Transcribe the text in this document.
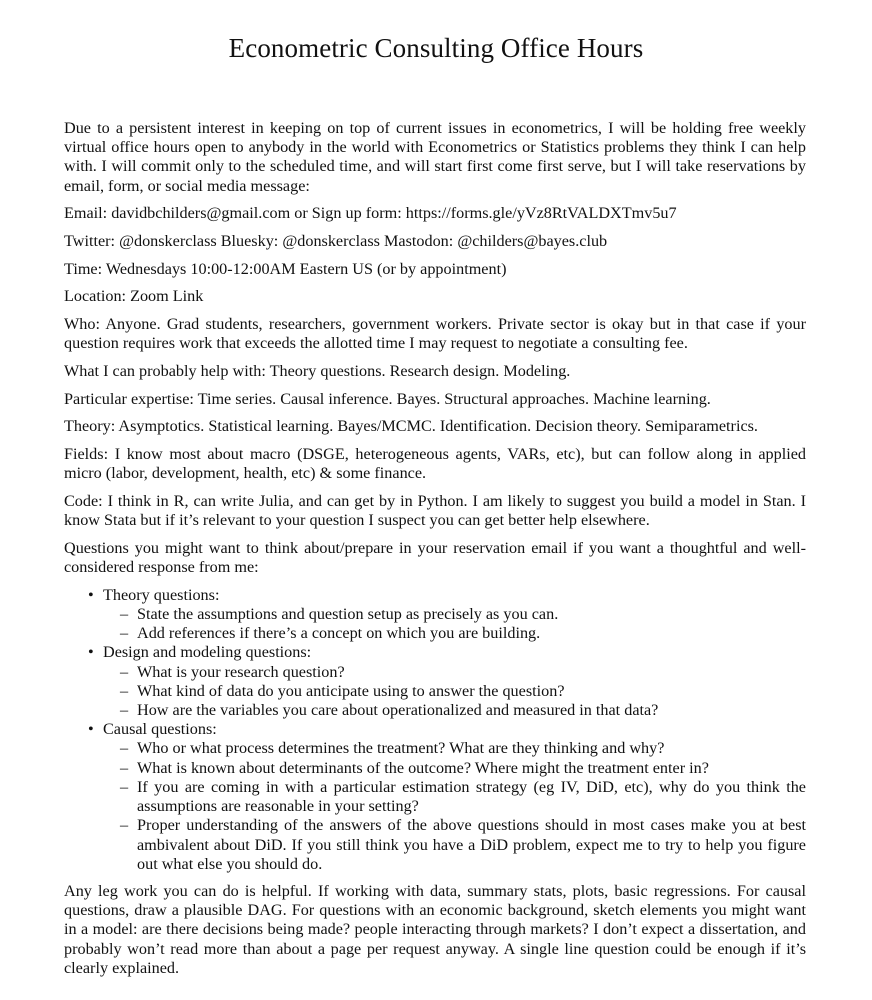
Econometric Consulting Office Hours

Due to a persistent interest in keeping on top of current issues in econometrics, I will be holding free weekly virtual office hours open to anybody in the world with Econometrics or Statistics problems they think I can help with. I will commit only to the scheduled time, and will start first come first serve, but I will take reservations by email, form, or social media message:

Email: davidbchilders@gmail.com or Sign up form: https://forms.gle/yVz8RtVALDXTmv5u7

Twitter: @donskerclass Bluesky: @donskerclass Mastodon: @childers@bayes.club

Time: Wednesdays 10:00-12:00AM Eastern US (or by appointment)

Location: Zoom Link

Who: Anyone. Grad students, researchers, government workers. Private sector is okay but in that case if your question requires work that exceeds the allotted time I may request to negotiate a consulting fee.

What I can probably help with: Theory questions. Research design. Modeling.

Particular expertise: Time series. Causal inference. Bayes. Structural approaches. Machine learning.

Theory: Asymptotics. Statistical learning. Bayes/MCMC. Identification. Decision theory. Semiparametrics.

Fields: I know most about macro (DSGE, heterogeneous agents, VARs, etc), but can follow along in applied micro (labor, development, health, etc) & some finance.

Code: I think in R, can write Julia, and can get by in Python. I am likely to suggest you build a model in Stan. I know Stata but if it’s relevant to your question I suspect you can get better help elsewhere.

Questions you might want to think about/prepare in your reservation email if you want a thoughtful and well-considered response from me:

• Theory questions:
– State the assumptions and question setup as precisely as you can.
– Add references if there’s a concept on which you are building.
• Design and modeling questions:
– What is your research question?
– What kind of data do you anticipate using to answer the question?
– How are the variables you care about operationalized and measured in that data?
• Causal questions:
– Who or what process determines the treatment? What are they thinking and why?
– What is known about determinants of the outcome? Where might the treatment enter in?
– If you are coming in with a particular estimation strategy (eg IV, DiD, etc), why do you think the assumptions are reasonable in your setting?
– Proper understanding of the answers of the above questions should in most cases make you at best ambivalent about DiD. If you still think you have a DiD problem, expect me to try to help you figure out what else you should do.

Any leg work you can do is helpful. If working with data, summary stats, plots, basic regressions. For causal questions, draw a plausible DAG. For questions with an economic background, sketch elements you might want in a model: are there decisions being made? people interacting through markets? I don’t expect a dissertation, and probably won’t read more than about a page per request anyway. A single line question could be enough if it’s clearly explained.
